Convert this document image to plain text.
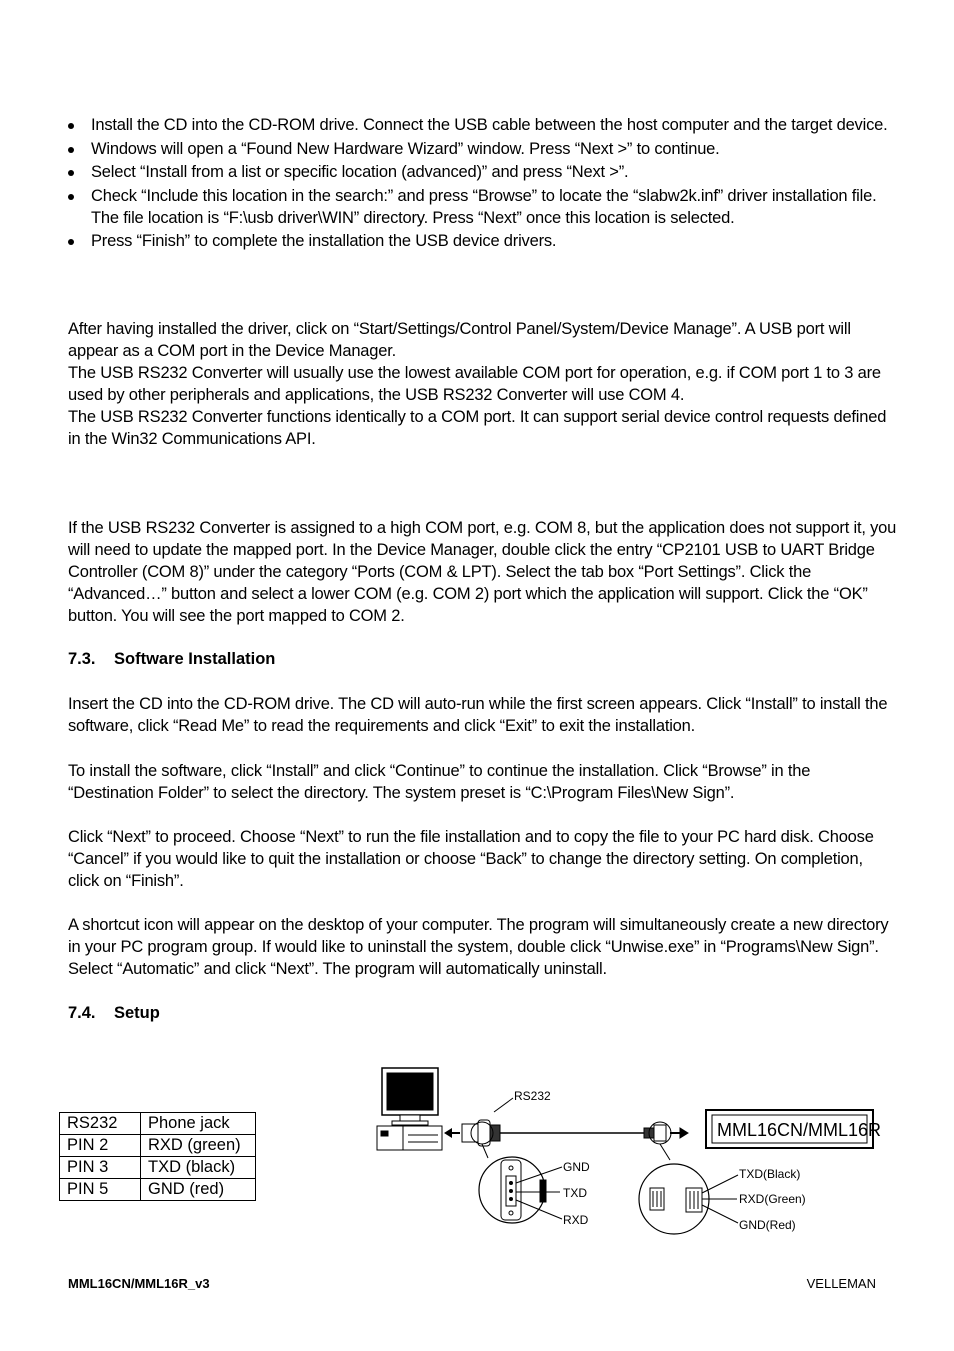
Install the CD into the CD-ROM drive. Connect the USB cable between the host computer and the target device.
Windows will open a “Found New Hardware Wizard” window. Press “Next >” to continue.
Select “Install from a list or specific location (advanced)” and press “Next >”.
Check “Include this location in the search:” and press “Browse” to locate the “slabw2k.inf” driver installation file. The file location is “F:\usb driver\WIN” directory. Press “Next” once this location is selected.
Press “Finish” to complete the installation the USB device drivers.
After having installed the driver, click on “Start/Settings/Control Panel/System/Device Manage”. A USB port will appear as a COM port in the Device Manager.
The USB RS232 Converter will usually use the lowest available COM port for operation, e.g. if COM port 1 to 3 are used by other peripherals and applications, the USB RS232 Converter will use COM 4.
The USB RS232 Converter functions identically to a COM port. It can support serial device control requests defined in the Win32 Communications API.

If the USB RS232 Converter is assigned to a high COM port, e.g. COM 8, but the application does not support it, you will need to update the mapped port. In the Device Manager, double click the entry “CP2101 USB to UART Bridge Controller (COM 8)” under the category “Ports (COM & LPT). Select the tab box “Port Settings”. Click the “Advanced…” button and select a lower COM (e.g. COM 2) port which the application will support. Click the “OK” button. You will see the port mapped to COM 2.

7.3. Software Installation

Insert the CD into the CD-ROM drive. The CD will auto-run while the first screen appears. Click “Install” to install the software, click “Read Me” to read the requirements and click “Exit” to exit the installation.

To install the software, click “Install” and click “Continue” to continue the installation. Click “Browse” in the “Destination Folder” to select the directory. The system preset is “C:\Program Files\New Sign”.

Click “Next” to proceed. Choose “Next” to run the file installation and to copy the file to your PC hard disk. Choose “Cancel” if you would like to quit the installation or choose “Back” to change the directory setting. On completion, click on “Finish”.

A shortcut icon will appear on the desktop of your computer. The program will simultaneously create a new directory in your PC program group. If would like to uninstall the system, double click “Unwise.exe” in “Programs\New Sign”. Select “Automatic” and click “Next”. The program will automatically uninstall.

7.4. Setup
RS232	Phone jack
PIN 2	RXD (green)
PIN 3	TXD (black)
PIN 5	GND (red)
RS232
MML16CN/MML16R
GND
TXD
RXD
TXD(Black)
RXD(Green)
GND(Red)
MML16CN/MML16R_v3	VELLEMAN
